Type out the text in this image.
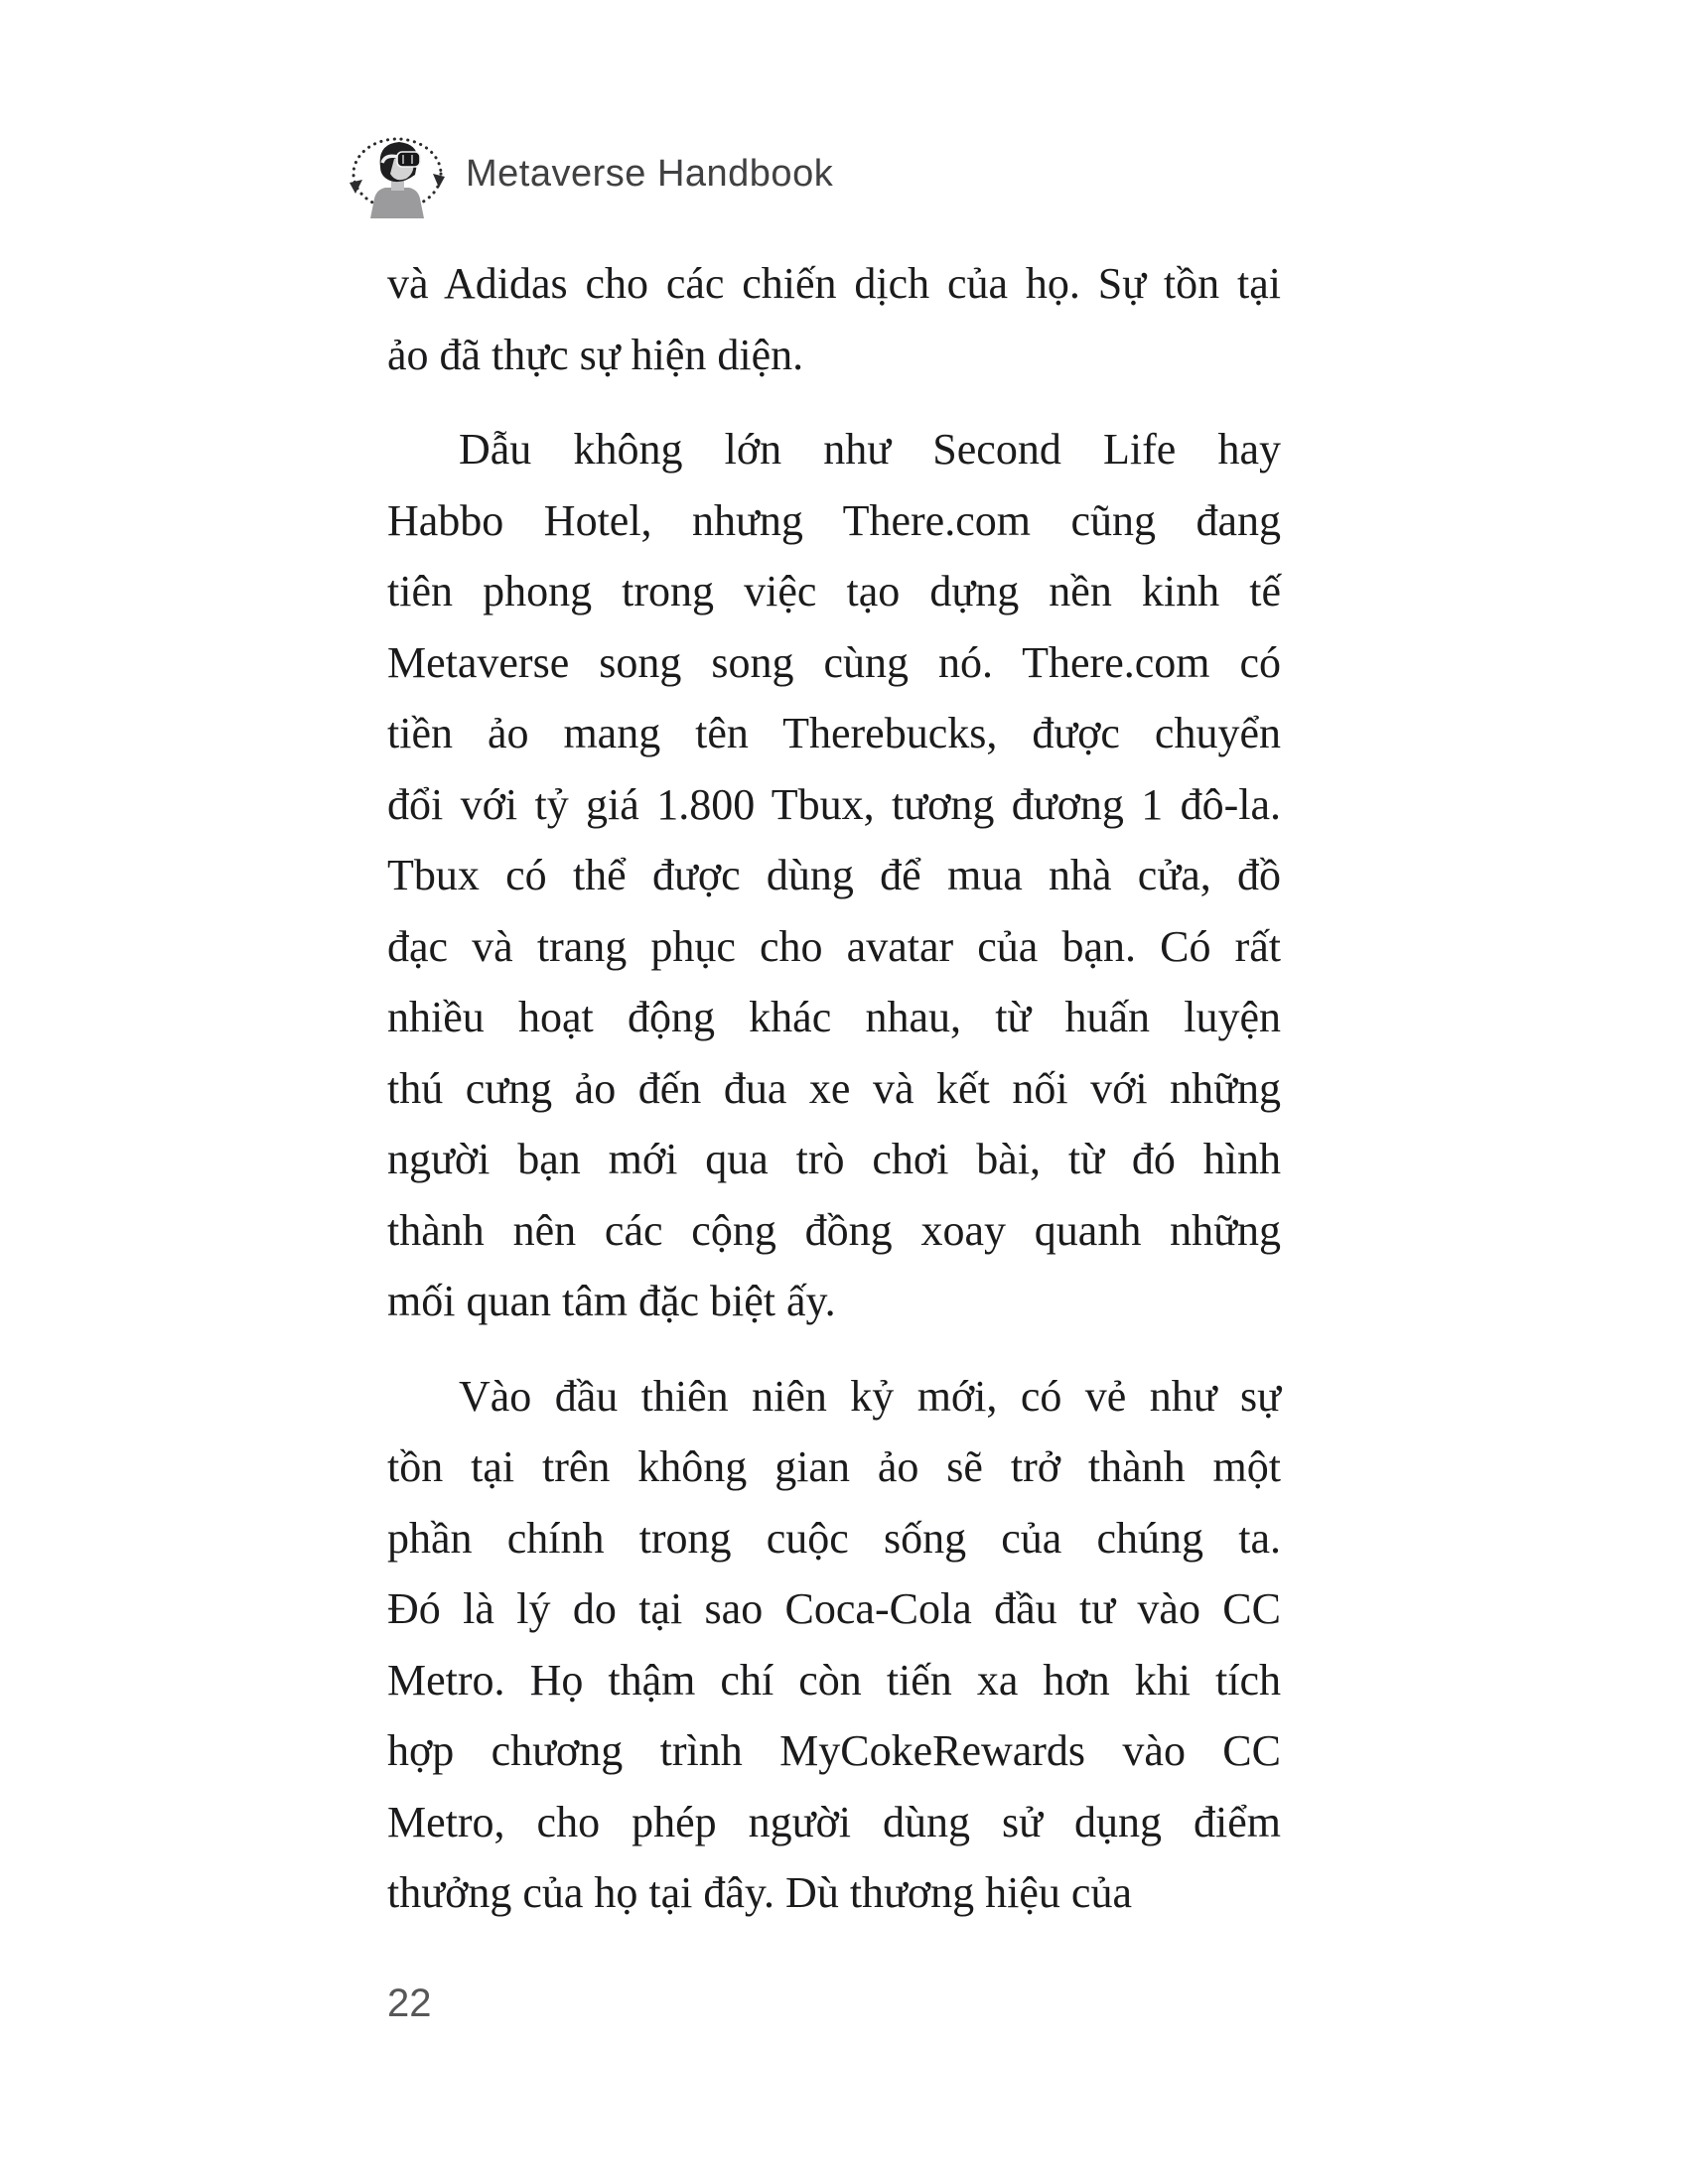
Metaverse Handbook
và Adidas cho các chiến dịch của họ. Sự tồn tại
ảo đã thực sự hiện diện.
Dẫu không lớn như Second Life hay
Habbo Hotel, nhưng There.com cũng đang
tiên phong trong việc tạo dựng nền kinh tế
Metaverse song song cùng nó. There.com có
tiền ảo mang tên Therebucks, được chuyển
đổi với tỷ giá 1.800 Tbux, tương đương 1 đô-la.
Tbux có thể được dùng để mua nhà cửa, đồ
đạc và trang phục cho avatar của bạn. Có rất
nhiều hoạt động khác nhau, từ huấn luyện
thú cưng ảo đến đua xe và kết nối với những
người bạn mới qua trò chơi bài, từ đó hình
thành nên các cộng đồng xoay quanh những
mối quan tâm đặc biệt ấy.
Vào đầu thiên niên kỷ mới, có vẻ như sự
tồn tại trên không gian ảo sẽ trở thành một
phần chính trong cuộc sống của chúng ta.
Đó là lý do tại sao Coca-Cola đầu tư vào CC
Metro. Họ thậm chí còn tiến xa hơn khi tích
hợp chương trình MyCokeRewards vào CC
Metro, cho phép người dùng sử dụng điểm
thưởng của họ tại đây. Dù thương hiệu của
22
